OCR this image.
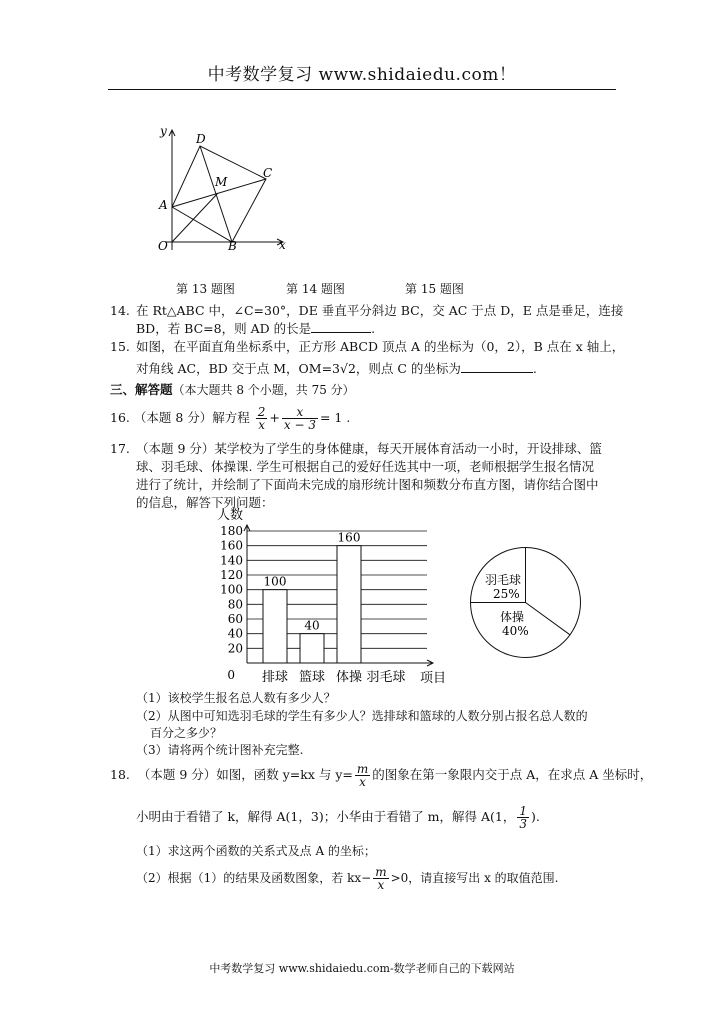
中考数学复习 www.shidaiedu.com！
y
D
C
M
A
O	B	x
第 13 题图	第 14 题图	第 15 题图
14. 在 Rt△ABC 中，∠C=30°，DE 垂直平分斜边 BC，交 AC 于点 D，E 点是垂足，连接
BD，若 BC=8，则 AD 的长是	.
15. 如图，在平面直角坐标系中，正方形 ABCD 顶点 A 的坐标为（0，2），B 点在 x 轴上，
对角线 AC，BD 交于点 M，OM=3√2，则点 C 的坐标为	.
三、解答题（本大题共 8 个小题，共 75 分）
16. （本题 8 分）解方程 $\frac{2}{x} + \frac{x}{x - 3} = 1$ .
17. （本题 9 分）某学校为了学生的身体健康，每天开展体育活动一小时，开设排球、篮
球、羽毛球、体操课. 学生可根据自己的爱好任选其中一项，老师根据学生报名情况
进行了统计，并绘制了下面尚未完成的扇形统计图和频数分布直方图，请你结合图中
的信息，解答下列问题：
人数
项目
0
20
40
60
80
100
120
140
160
180
排球 篮球 体操 羽毛球
100
40
160
羽毛球
25%
体操
40%
（1）该校学生报名总人数有多少人？
（2）从图中可知选羽毛球的学生有多少人？选排球和篮球的人数分别占报名总人数的
百分之多少？
（3）请将两个统计图补充完整.
18. （本题 9 分）如图，函数 y=kx 与 $y= \frac{m}{x}$ 的图象在第一象限内交于点 A，在求点 A 坐标时，
小明由于看错了 k，解得 A(1，3)；小华由于看错了 m，解得 A(1， $\frac{1}{3}$ ).
（1）求这两个函数的关系式及点 A 的坐标；
（2）根据（1）的结果及函数图象，若 $kx- \frac{m}{x} >0$，请直接写出 x 的取值范围.
中考数学复习 www.shidaiedu.com-数学老师自己的下载网站
